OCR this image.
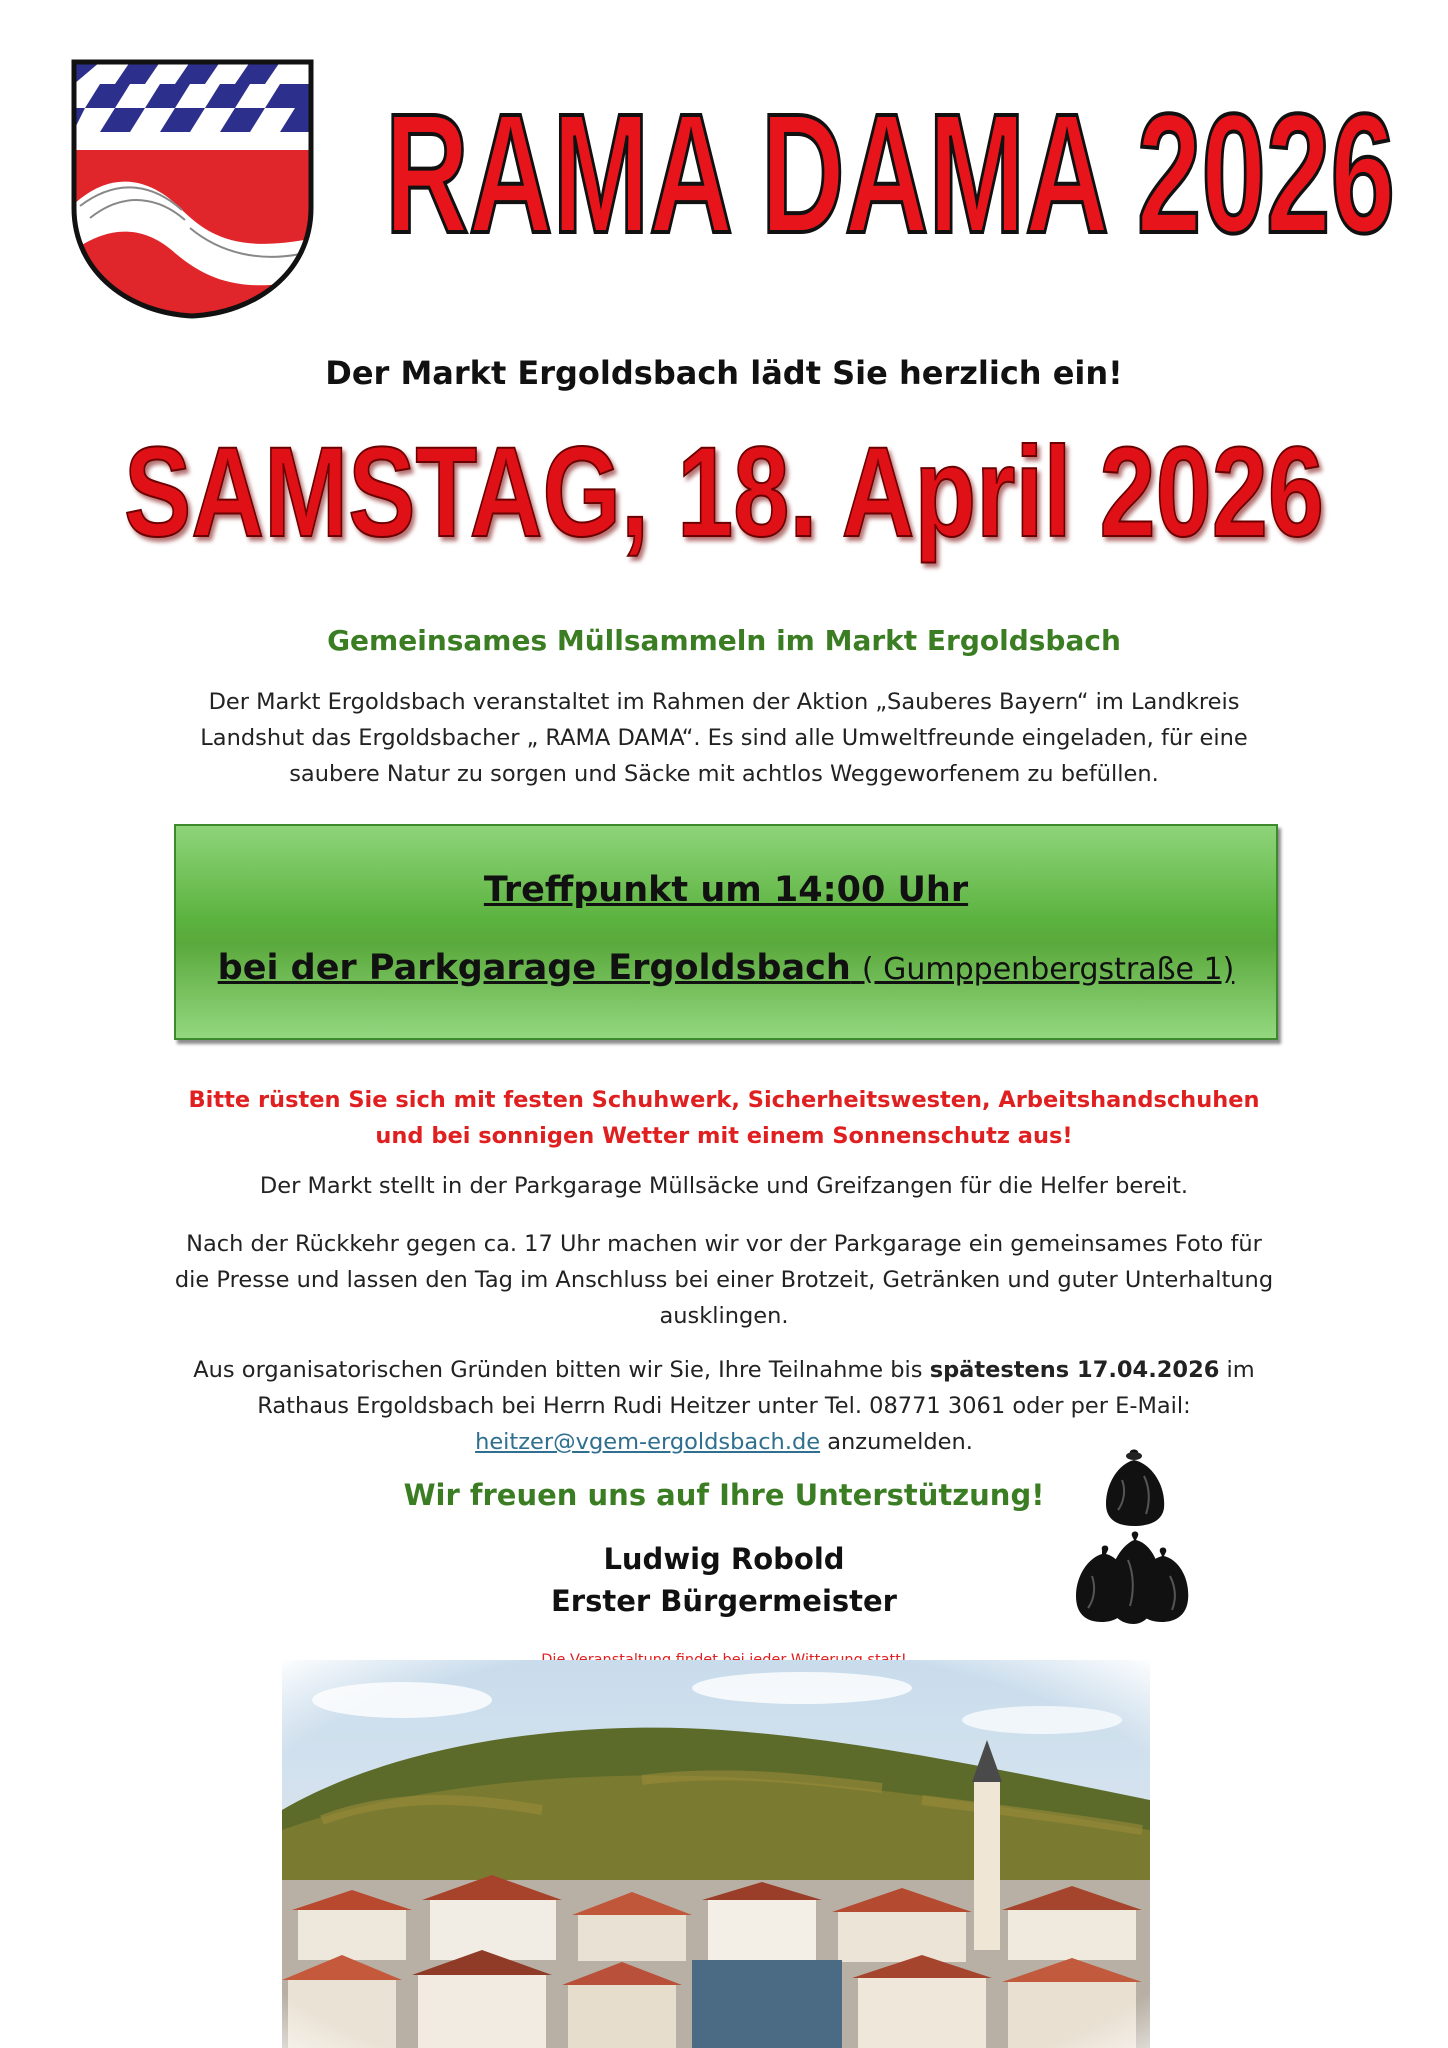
RAMA DAMA 2026
Der Markt Ergoldsbach lädt Sie herzlich ein!
SAMSTAG, 18. April 2026
Gemeinsames Müllsammeln im Markt Ergoldsbach
Der Markt Ergoldsbach veranstaltet im Rahmen der Aktion „Sauberes Bayern“ im Landkreis Landshut das Ergoldsbacher „ RAMA DAMA“. Es sind alle Umweltfreunde eingeladen, für eine saubere Natur zu sorgen und Säcke mit achtlos Weggeworfenem zu befüllen.
Treffpunkt um 14:00 Uhr
bei der Parkgarage Ergoldsbach ( Gumppenbergstraße 1)
Bitte rüsten Sie sich mit festen Schuhwerk, Sicherheitswesten, Arbeitshandschuhen und bei sonnigen Wetter mit einem Sonnenschutz aus!
Der Markt stellt in der Parkgarage Müllsäcke und Greifzangen für die Helfer bereit.
Nach der Rückkehr gegen ca. 17 Uhr machen wir vor der Parkgarage ein gemeinsames Foto für die Presse und lassen den Tag im Anschluss bei einer Brotzeit, Getränken und guter Unterhaltung ausklingen.
Aus organisatorischen Gründen bitten wir Sie, Ihre Teilnahme bis spätestens 17.04.2026 im Rathaus Ergoldsbach bei Herrn Rudi Heitzer unter Tel. 08771 3061 oder per E-Mail:
heitzer@vgem-ergoldsbach.de anzumelden.
Wir freuen uns auf Ihre Unterstützung!
Ludwig Robold
Erster Bürgermeister
